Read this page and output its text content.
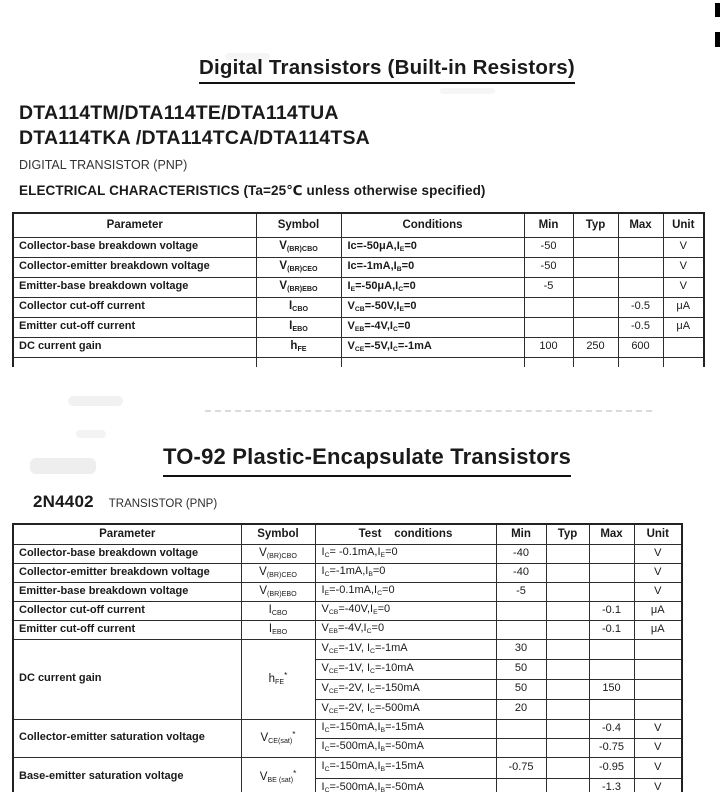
Digital Transistors (Built-in Resistors)
DTA114TM/DTA114TE/DTA114TUA
DTA114TKA /DTA114TCA/DTA114TSA
DIGITAL TRANSISTOR (PNP)
ELECTRICAL CHARACTERISTICS (Ta=25℃ unless otherwise specified)
Parameter	Symbol	Conditions	Min	Typ	Max	Unit
Collector-base breakdown voltage	$V_{(BR)CBO}$	$Ic=-50\mu A,I_E=0$	-50			V
Collector-emitter breakdown voltage	$V_{(BR)CEO}$	$Ic=-1mA,I_B=0$	-50			V
Emitter-base breakdown voltage	$V_{(BR)EBO}$	$I_E=-50\mu A,I_C=0$	-5			V
Collector cut-off current	$I_{CBO}$	$V_{CB}=-50V,I_E=0$			-0.5	μA
Emitter cut-off current	$I_{EBO}$	$V_{EB}=-4V,I_C=0$			-0.5	μA
DC current gain	$h_{FE}$	$V_{CE}=-5V,I_C=-1mA$	100	250	600	

TO-92 Plastic-Encapsulate Transistors
2N4402 TRANSISTOR (PNP)
Parameter	Symbol	Test    conditions	Min	Typ	Max	Unit
Collector-base breakdown voltage	$V_{(BR)CBO}$	$I_C= -0.1mA,I_E=0$	-40			V
Collector-emitter breakdown voltage	$V_{(BR)CEO}$	$I_C=-1mA,I_B=0$	-40			V
Emitter-base breakdown voltage	$V_{(BR)EBO}$	$I_E=-0.1mA,I_C=0$	-5			V
Collector cut-off current	$I_{CBO}$	$V_{CB}=-40V,I_E=0$			-0.1	μA
Emitter cut-off current	$I_{EBO}$	$V_{EB}=-4V,I_C=0$			-0.1	μA
DC current gain	$h_{FE}^*$	$V_{CE}=-1V$, $I_C=-1mA$	30			
		$V_{CE}=-1V$, $I_C=-10mA$	50			
		$V_{CE}=-2V$, $I_C=-150mA$	50		150	
		$V_{CE}=-2V$, $I_C=-500mA$	20			
Collector-emitter saturation voltage	$V_{CE(sat)}^*$	$I_C=-150mA,I_B=-15mA$			-0.4	V
		$I_C=-500mA,I_B=-50mA$			-0.75	V
Base-emitter saturation voltage	$V_{BE (sat)}^*$	$I_C=-150mA,I_B=-15mA$	-0.75		-0.95	V
		$I_C=-500mA,I_B=-50mA$			-1.3	V
